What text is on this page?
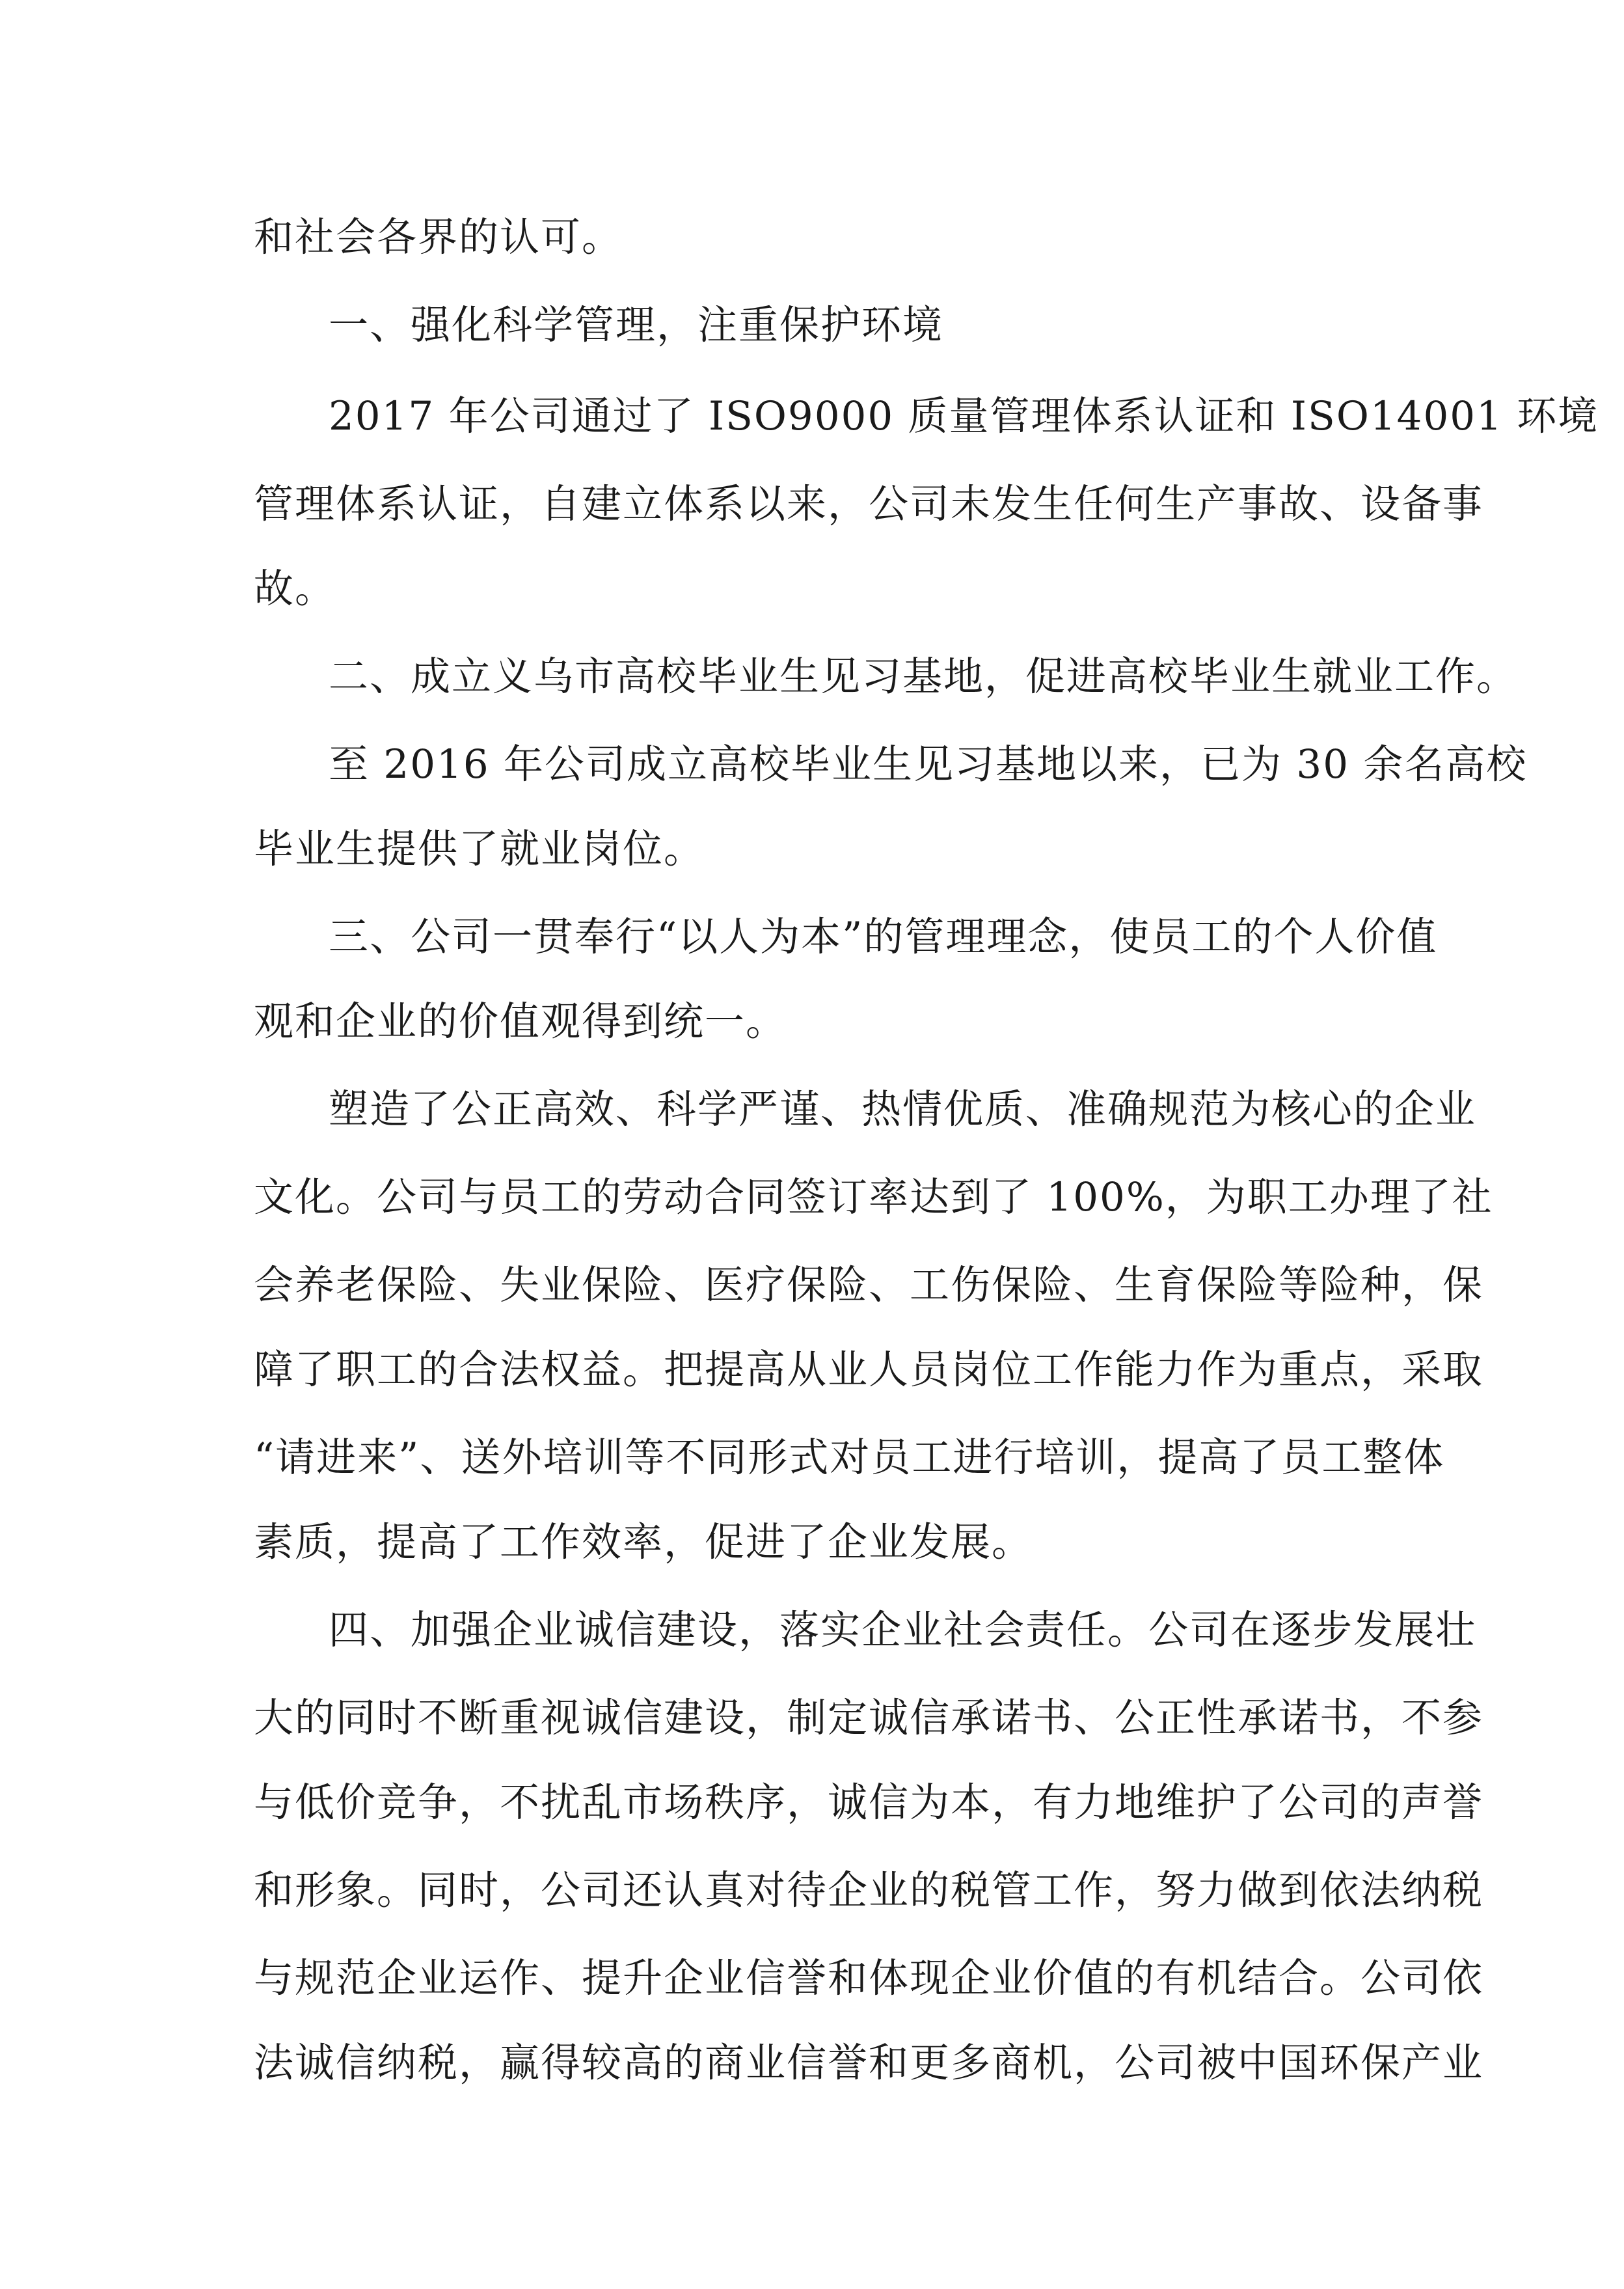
和社会各界的认可。
一、强化科学管理，注重保护环境
2017 年公司通过了 ISO9000 质量管理体系认证和 ISO14001 环境
管理体系认证，自建立体系以来，公司未发生任何生产事故、设备事
故。
二、成立义乌市高校毕业生见习基地，促进高校毕业生就业工作。
至 2016 年公司成立高校毕业生见习基地以来，已为 30 余名高校
毕业生提供了就业岗位。
三、公司一贯奉行“以人为本”的管理理念，使员工的个人价值
观和企业的价值观得到统一。
塑造了公正高效、科学严谨、热情优质、准确规范为核心的企业
文化。公司与员工的劳动合同签订率达到了 100%，为职工办理了社
会养老保险、失业保险、医疗保险、工伤保险、生育保险等险种，保
障了职工的合法权益。把提高从业人员岗位工作能力作为重点，采取
“请进来”、送外培训等不同形式对员工进行培训，提高了员工整体
素质，提高了工作效率，促进了企业发展。
四、加强企业诚信建设，落实企业社会责任。公司在逐步发展壮
大的同时不断重视诚信建设，制定诚信承诺书、公正性承诺书，不参
与低价竞争，不扰乱市场秩序，诚信为本，有力地维护了公司的声誉
和形象。同时，公司还认真对待企业的税管工作，努力做到依法纳税
与规范企业运作、提升企业信誉和体现企业价值的有机结合。公司依
法诚信纳税，赢得较高的商业信誉和更多商机，公司被中国环保产业
